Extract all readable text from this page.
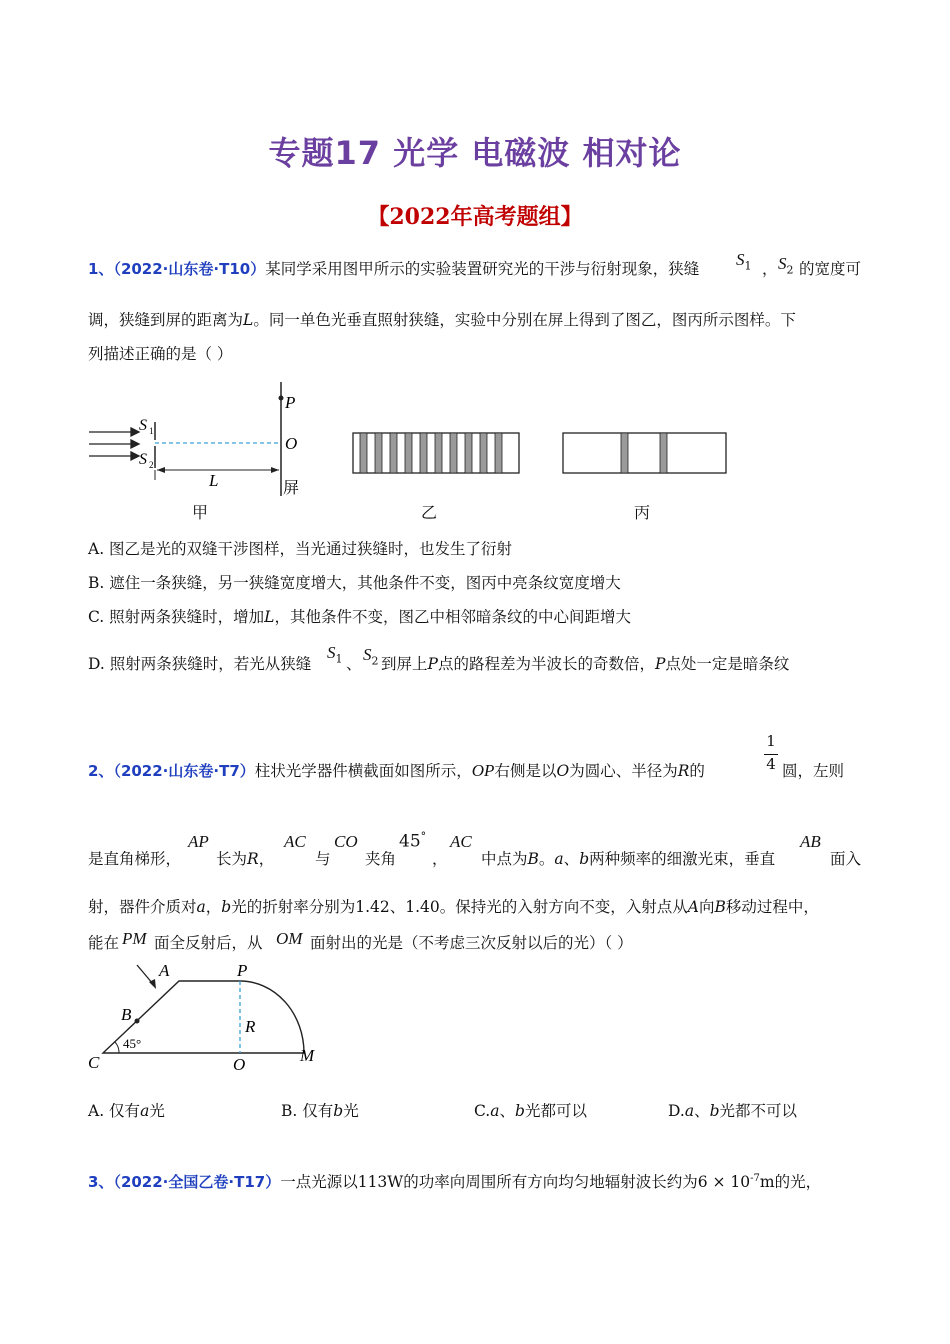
专题17 光学 电磁波 相对论
【2022年高考题组】
1、（2022·山东卷·T10）某同学采用图甲所示的实验装置研究光的干涉与衍射现象，狭缝 $S_1$ ， $S_2$ 的宽度可
调，狭缝到屏的距离为L。同一单色光垂直照射狭缝，实验中分别在屏上得到了图乙，图丙所示图样。下
列描述正确的是（ ）
P
O
S 1
S 2
L	屏
甲	乙	丙
A. 图乙是光的双缝干涉图样，当光通过狭缝时，也发生了衍射
B. 遮住一条狭缝，另一狭缝宽度增大，其他条件不变，图丙中亮条纹宽度增大
C. 照射两条狭缝时，增加L，其他条件不变，图乙中相邻暗条纹的中心间距增大
D. 照射两条狭缝时，若光从狭缝
$S_1$ 、 $S_2$ 到屏上P点的路程差为半波长的奇数倍，P点处一定是暗条纹
2、（2022·山东卷·T7）柱状光学器件横截面如图所示，OP右侧是以O为圆心、半径为R的	$\frac{1}{4}$ 圆，左则
是直角梯形，
AP
长为R，
AC
与
CO
夹角
45°
，
AC
中点为B。a、b两种频率的细激光束，垂直
AB
面入
射，器件介质对a，b光的折射率分别为1.42、1.40。保持光的入射方向不变，入射点从A向B移动过程中，
能在 PM 面全反射后，从 OM 面射出的光是（不考虑三次反射以后的光）（ ）
A	P
B
R
C	O	M
45°
A. 仅有a光	B. 仅有b光	C.a、b光都可以	D.a、b光都不可以
3、（2022·全国乙卷·T17）一点光源以113W的功率向周围所有方向均匀地辐射波长约为$6 \times 10^{-7}m$的光，
